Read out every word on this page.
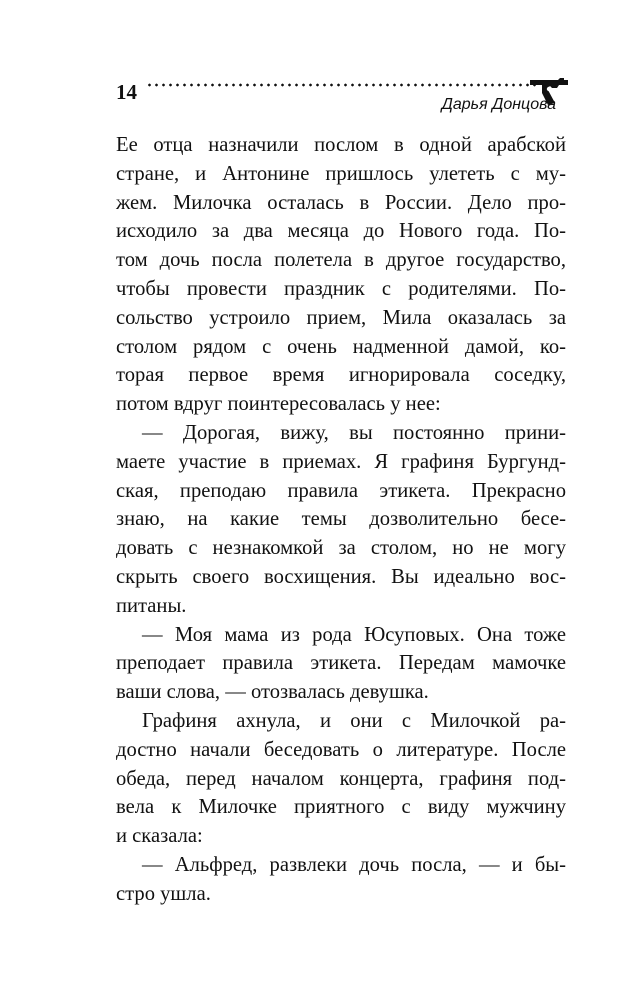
14
Дарья Донцова
Ее отца назначили послом в одной арабской
стране, и Антонине пришлось улететь с му-
жем. Милочка осталась в России. Дело про-
исходило за два месяца до Нового года. По-
том дочь посла полетела в другое государство,
чтобы провести праздник с родителями. По-
сольство устроило прием, Мила оказалась за
столом рядом с очень надменной дамой, ко-
торая первое время игнорировала соседку,
потом вдруг поинтересовалась у нее:
— Дорогая, вижу, вы постоянно прини-
маете участие в приемах. Я графиня Бургунд-
ская, преподаю правила этикета. Прекрасно
знаю, на какие темы дозволительно бесе-
довать с незнакомкой за столом, но не могу
скрыть своего восхищения. Вы идеально вос-
питаны.
— Моя мама из рода Юсуповых. Она тоже
преподает правила этикета. Передам мамочке
ваши слова, — отозвалась девушка.
Графиня ахнула, и они с Милочкой ра-
достно начали беседовать о литературе. После
обеда, перед началом концерта, графиня под-
вела к Милочке приятного с виду мужчину
и сказала:
— Альфред, развлеки дочь посла, — и бы-
стро ушла.
